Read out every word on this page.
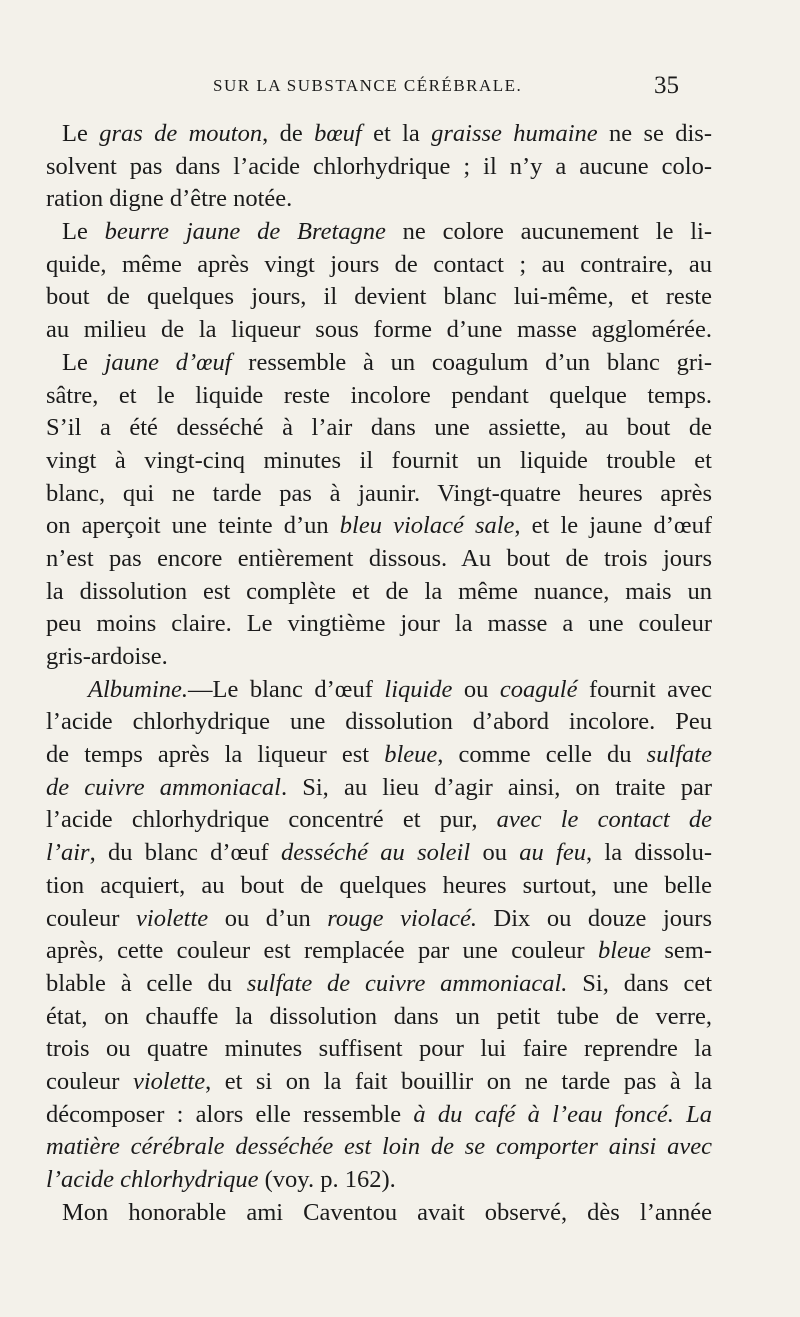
SUR LA SUBSTANCE CÉRÉBRALE.	35
Le gras de mouton, de bœuf et la graisse humaine ne se dis-
solvent pas dans l’acide chlorhydrique ; il n’y a aucune colo-
ration digne d’être notée.
Le beurre jaune de Bretagne ne colore aucunement le li-
quide, même après vingt jours de contact ; au contraire, au
bout de quelques jours, il devient blanc lui-même, et reste
au milieu de la liqueur sous forme d’une masse agglomérée.
Le jaune d’œuf ressemble à un coagulum d’un blanc gri-
sâtre, et le liquide reste incolore pendant quelque temps.
S’il a été desséché à l’air dans une assiette, au bout de
vingt à vingt-cinq minutes il fournit un liquide trouble et
blanc, qui ne tarde pas à jaunir. Vingt-quatre heures après
on aperçoit une teinte d’un bleu violacé sale, et le jaune d’œuf
n’est pas encore entièrement dissous. Au bout de trois jours
la dissolution est complète et de la même nuance, mais un
peu moins claire. Le vingtième jour la masse a une couleur
gris-ardoise.
Albumine.—Le blanc d’œuf liquide ou coagulé fournit avec
l’acide chlorhydrique une dissolution d’abord incolore. Peu
de temps après la liqueur est bleue, comme celle du sulfate
de cuivre ammoniacal. Si, au lieu d’agir ainsi, on traite par
l’acide chlorhydrique concentré et pur, avec le contact de
l’air, du blanc d’œuf desséché au soleil ou au feu, la dissolu-
tion acquiert, au bout de quelques heures surtout, une belle
couleur violette ou d’un rouge violacé. Dix ou douze jours
après, cette couleur est remplacée par une couleur bleue sem-
blable à celle du sulfate de cuivre ammoniacal. Si, dans cet
état, on chauffe la dissolution dans un petit tube de verre,
trois ou quatre minutes suffisent pour lui faire reprendre la
couleur violette, et si on la fait bouillir on ne tarde pas à la
décomposer : alors elle ressemble à du café à l’eau foncé. La
matière cérébrale desséchée est loin de se comporter ainsi avec
l’acide chlorhydrique (voy. p. 162).
Mon honorable ami Caventou avait observé, dès l’année
